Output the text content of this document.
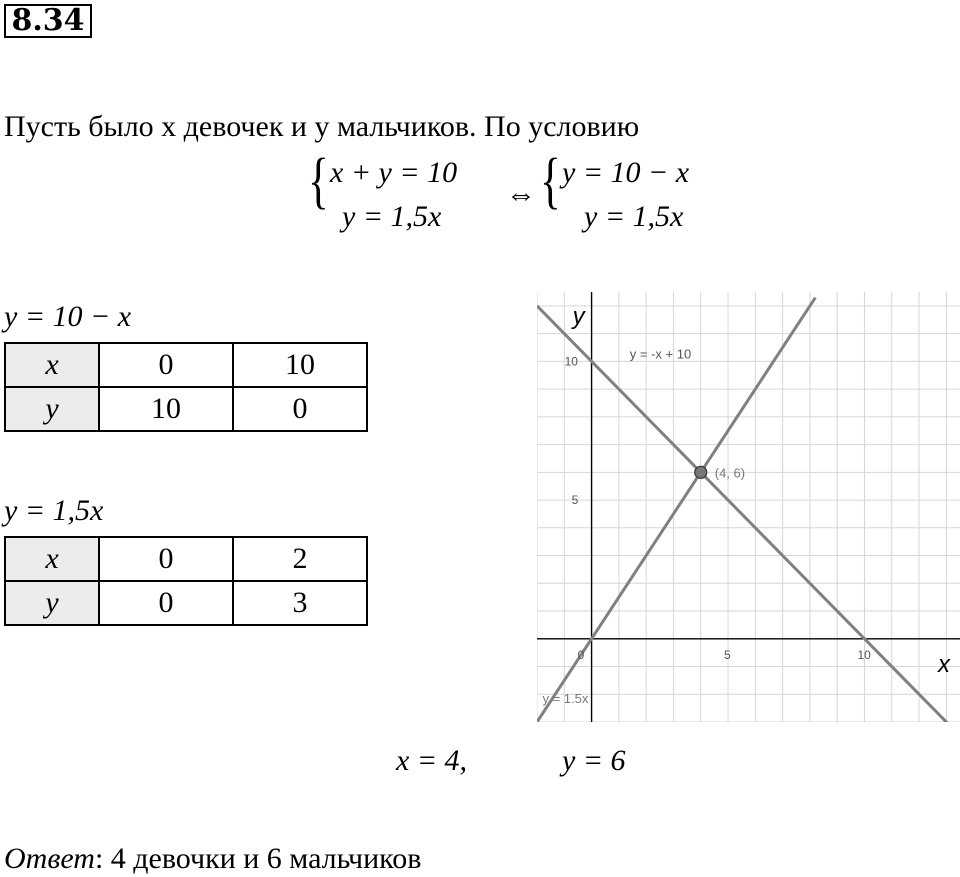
8.34
Пусть было x девочек и y мальчиков. По условию
{ x + y = 10
y = 1,5x
⇔ { y = 10 − x
y = 1,5x
y = 10 − x
x	0	10
y	10	0
y = 1,5x
x	0	2
y	0	3
0	5	10
5
10
x
y
y = -x + 10
y = 1.5x
(4, 6)
x = 4,	y = 6
Ответ: 4 девочки и 6 мальчиков
